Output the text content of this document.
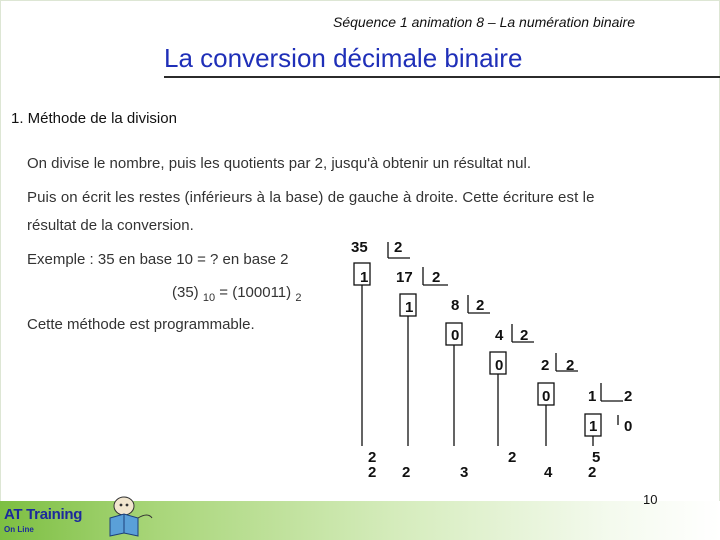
Séquence 1 animation 8 – La numération binaire
La conversion décimale binaire
1. Méthode de la division
On divise le nombre, puis les quotients par 2, jusqu'à obtenir un résultat nul.
Puis on écrit les restes (inférieurs à la base) de gauche à droite. Cette écriture est le
résultat de la conversion.
Exemple : 35 en base 10 = ? en base 2
(35) $_{10}$ = (100011) $_2$
Cette méthode est programmable.
35 2
1 17 2
1	8 2
0 4 2
0	2 2
0	1 2
1 0
2
2 2	3
2
4 2
5
10
AT Training
On Line
